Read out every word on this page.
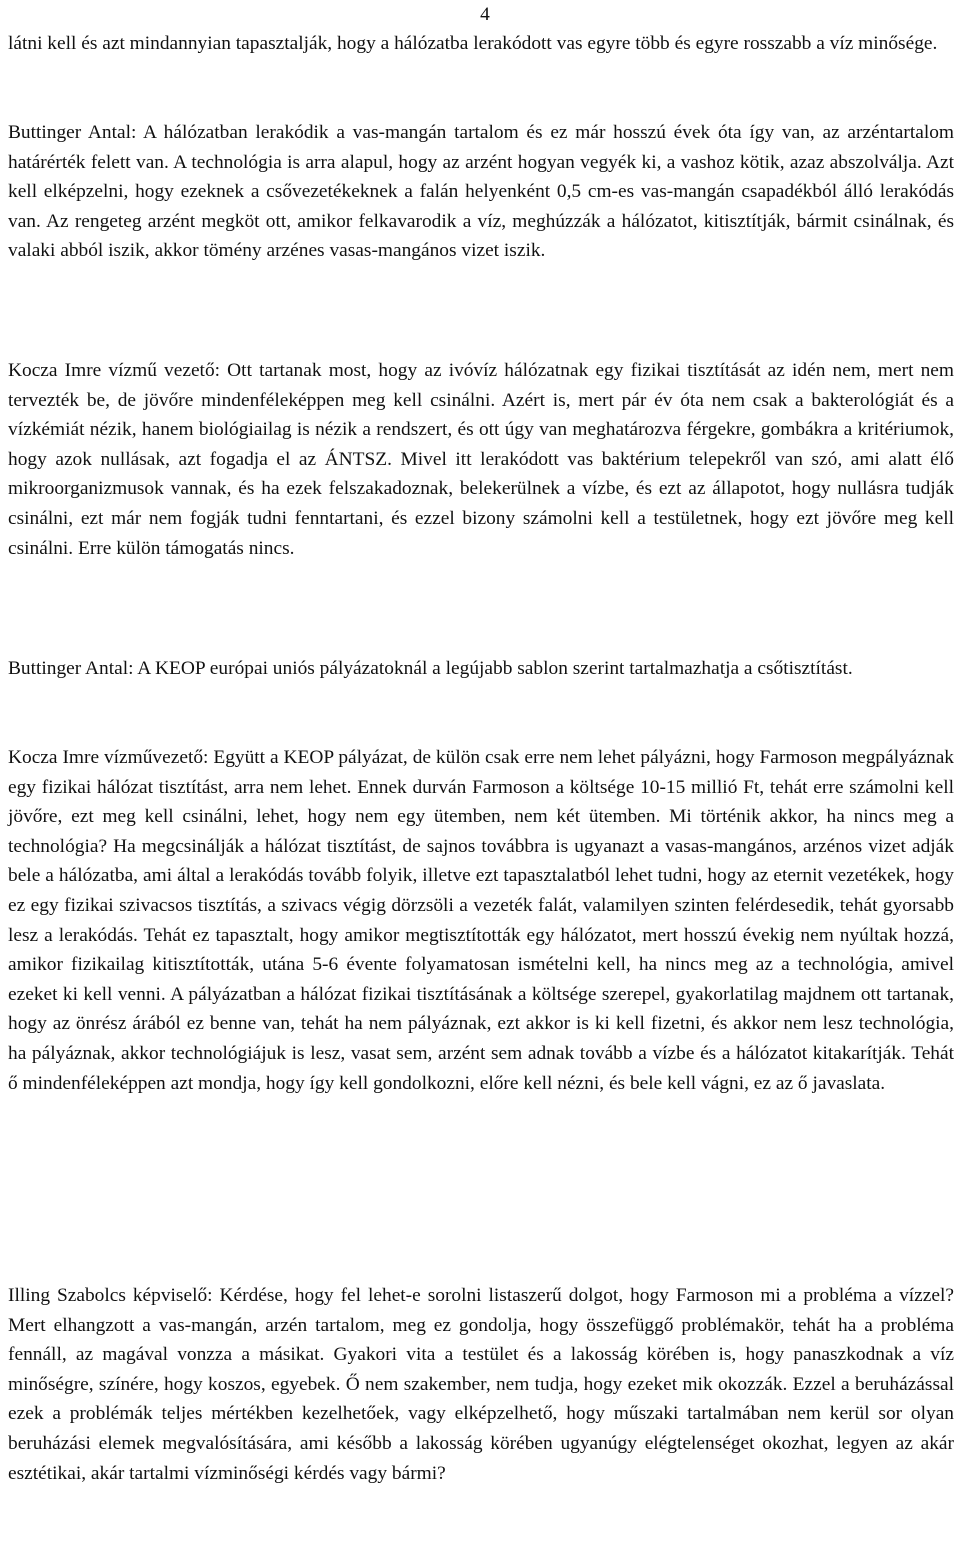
4

látni kell és azt mindannyian tapasztalják, hogy a hálózatba lerakódott vas egyre több és egyre rosszabb a víz minősége.

Buttinger Antal: A hálózatban lerakódik a vas-mangán tartalom és ez már hosszú évek óta így van, az arzéntartalom határérték felett van. A technológia is arra alapul, hogy az arzént hogyan vegyék ki, a vashoz kötik, azaz abszolválja. Azt kell elképzelni, hogy ezeknek a csővezetékeknek a falán helyenként 0,5 cm-es vas-mangán csapadékból álló lerakódás van. Az rengeteg arzént megköt ott, amikor felkavarodik a víz, meghúzzák a hálózatot, kitisztítják, bármit csinálnak, és valaki abból iszik, akkor tömény arzénes vasas-mangános vizet iszik.

Kocza Imre vízmű vezető: Ott tartanak most, hogy az ivóvíz hálózatnak egy fizikai tisztítását az idén nem, mert nem tervezték be, de jövőre mindenféleképpen meg kell csinálni. Azért is, mert pár év óta nem csak a bakterológiát és a vízkémiát nézik, hanem biológiailag is nézik a rendszert, és ott úgy van meghatározva férgekre, gombákra a kritériumok, hogy azok nullásak, azt fogadja el az ÁNTSZ. Mivel itt lerakódott vas baktérium telepekről van szó, ami alatt élő mikroorganizmusok vannak, és ha ezek felszakadoznak, belekerülnek a vízbe, és ezt az állapotot, hogy nullásra tudják csinálni, ezt már nem fogják tudni fenntartani, és ezzel bizony számolni kell a testületnek, hogy ezt jövőre meg kell csinálni. Erre külön támogatás nincs.

Buttinger Antal: A KEOP európai uniós pályázatoknál a legújabb sablon szerint tartalmazhatja a csőtisztítást.

Kocza Imre vízművezető: Együtt a KEOP pályázat, de külön csak erre nem lehet pályázni, hogy Farmoson megpályáznak egy fizikai hálózat tisztítást, arra nem lehet. Ennek durván Farmoson a költsége 10-15 millió Ft, tehát erre számolni kell jövőre, ezt meg kell csinálni, lehet, hogy nem egy ütemben, nem két ütemben. Mi történik akkor, ha nincs meg a technológia? Ha megcsinálják a hálózat tisztítást, de sajnos továbbra is ugyanazt a vasas-mangános, arzénos vizet adják bele a hálózatba, ami által a lerakódás tovább folyik, illetve ezt tapasztalatból lehet tudni, hogy az eternit vezetékek, hogy ez egy fizikai szivacsos tisztítás, a szivacs végig dörzsöli a vezeték falát, valamilyen szinten felérdesedik, tehát gyorsabb lesz a lerakódás. Tehát ez tapasztalt, hogy amikor megtisztították egy hálózatot, mert hosszú évekig nem nyúltak hozzá, amikor fizikailag kitisztították, utána 5-6 évente folyamatosan ismételni kell, ha nincs meg az a technológia, amivel ezeket ki kell venni. A pályázatban a hálózat fizikai tisztításának a költsége szerepel, gyakorlatilag majdnem ott tartanak, hogy az önrész árából ez benne van, tehát ha nem pályáznak, ezt akkor is ki kell fizetni, és akkor nem lesz technológia, ha pályáznak, akkor technológiájuk is lesz, vasat sem, arzént sem adnak tovább a vízbe és a hálózatot kitakarítják. Tehát ő mindenféleképpen azt mondja, hogy így kell gondolkozni, előre kell nézni, és bele kell vágni, ez az ő javaslata.

Illing Szabolcs képviselő: Kérdése, hogy fel lehet-e sorolni listaszerű dolgot, hogy Farmoson mi a probléma a vízzel? Mert elhangzott a vas-mangán, arzén tartalom, meg ez gondolja, hogy összefüggő problémakör, tehát ha a probléma fennáll, az magával vonzza a másikat. Gyakori vita a testület és a lakosság körében is, hogy panaszkodnak a víz minőségre, színére, hogy koszos, egyebek. Ő nem szakember, nem tudja, hogy ezeket mik okozzák. Ezzel a beruházással ezek a problémák teljes mértékben kezelhetőek, vagy elképzelhető, hogy műszaki tartalmában nem kerül sor olyan beruházási elemek megvalósítására, ami később a lakosság körében ugyanúgy elégtelenséget okozhat, legyen az akár esztétikai, akár tartalmi vízminőségi kérdés vagy bármi?
